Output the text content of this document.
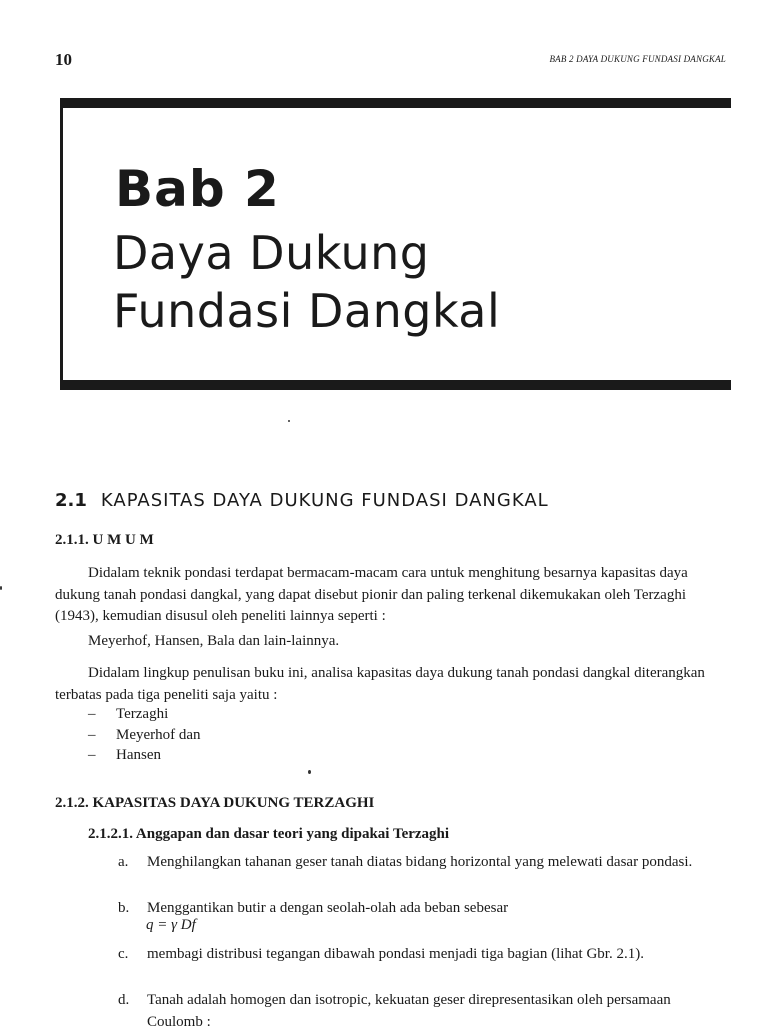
10	BAB 2 DAYA DUKUNG FUNDASI DANGKAL
Bab 2
Daya Dukung
Fundasi Dangkal
2.1 KAPASITAS DAYA DUKUNG FUNDASI DANGKAL
2.1.1. U M U M
Didalam teknik pondasi terdapat bermacam-macam cara untuk menghitung besarnya kapasitas daya dukung tanah pondasi dangkal, yang dapat disebut pionir dan paling terkenal dikemukakan oleh Terzaghi (1943), kemudian disusul oleh peneliti lainnya seperti :
Meyerhof, Hansen, Bala dan lain-lainnya.
Didalam lingkup penulisan buku ini, analisa kapasitas daya dukung tanah pondasi dangkal diterangkan terbatas pada tiga peneliti saja yaitu :
– Terzaghi
– Meyerhof dan
– Hansen
2.1.2. KAPASITAS DAYA DUKUNG TERZAGHI
2.1.2.1. Anggapan dan dasar teori yang dipakai Terzaghi
a. Menghilangkan tahanan geser tanah diatas bidang horizontal yang melewati dasar pondasi.
b. Menggantikan butir a dengan seolah-olah ada beban sebesar
q = γ Df
c. membagi distribusi tegangan dibawah pondasi menjadi tiga bagian (lihat Gbr. 2.1).
d. Tanah adalah homogen dan isotropic, kekuatan geser direpresentasikan oleh persamaan Coulomb :
